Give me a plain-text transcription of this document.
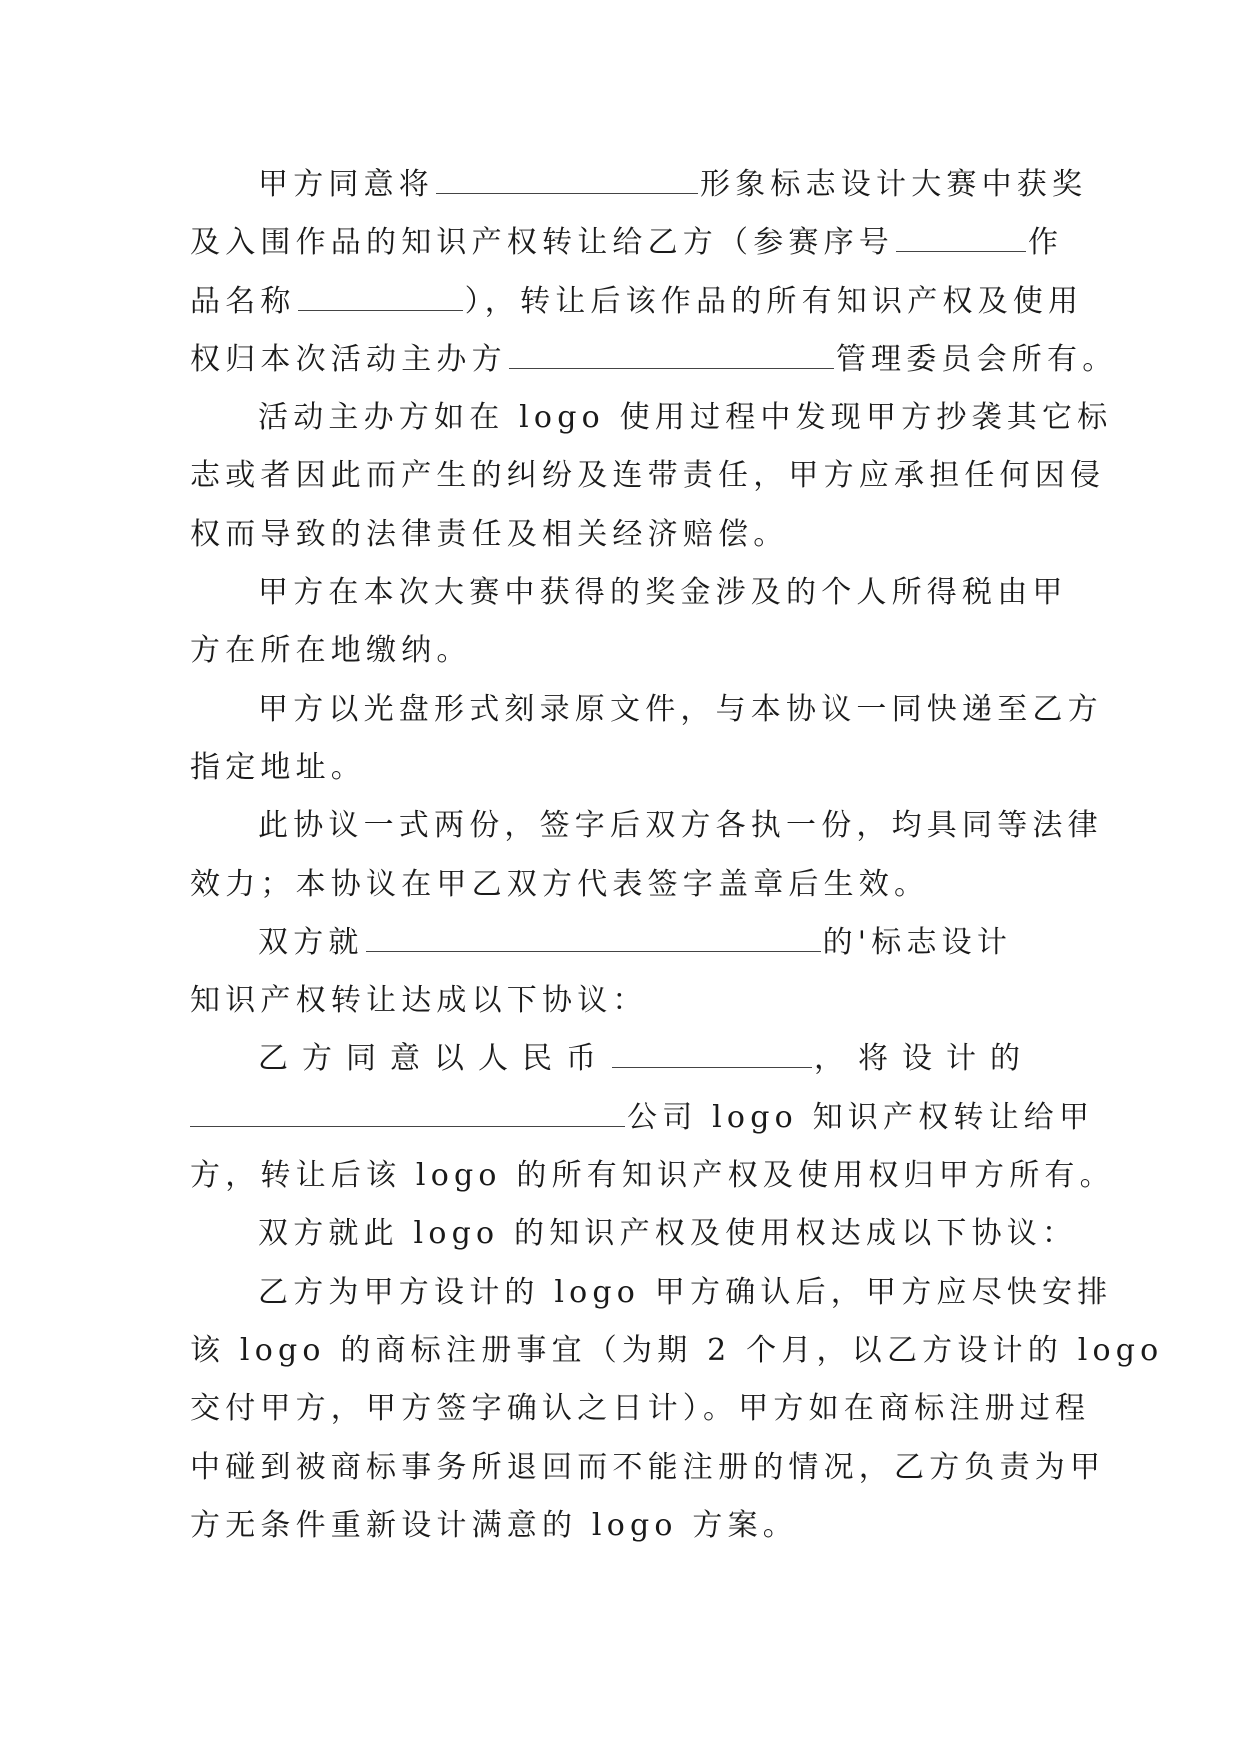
甲方同意将	形象标志设计大赛中获奖
及入围作品的知识产权转让给乙方（参赛序号	作
品名称	），转让后该作品的所有知识产权及使用
权归本次活动主办方	管理委员会所有。
活动主办方如在 logo 使用过程中发现甲方抄袭其它标
志或者因此而产生的纠纷及连带责任，甲方应承担任何因侵
权而导致的法律责任及相关经济赔偿。
甲方在本次大赛中获得的奖金涉及的个人所得税由甲
方在所在地缴纳。
甲方以光盘形式刻录原文件，与本协议一同快递至乙方
指定地址。
此协议一式两份，签字后双方各执一份，均具同等法律
效力；本协议在甲乙双方代表签字盖章后生效。
双方就	的'标志设计
知识产权转让达成以下协议：
乙方同意以人民币	，将设计的
公司 logo 知识产权转让给甲
方，转让后该 logo 的所有知识产权及使用权归甲方所有。
双方就此 logo 的知识产权及使用权达成以下协议：
乙方为甲方设计的 logo 甲方确认后，甲方应尽快安排
该 logo 的商标注册事宜（为期 2 个月，以乙方设计的 logo
交付甲方，甲方签字确认之日计）。甲方如在商标注册过程
中碰到被商标事务所退回而不能注册的情况，乙方负责为甲
方无条件重新设计满意的 logo 方案。
